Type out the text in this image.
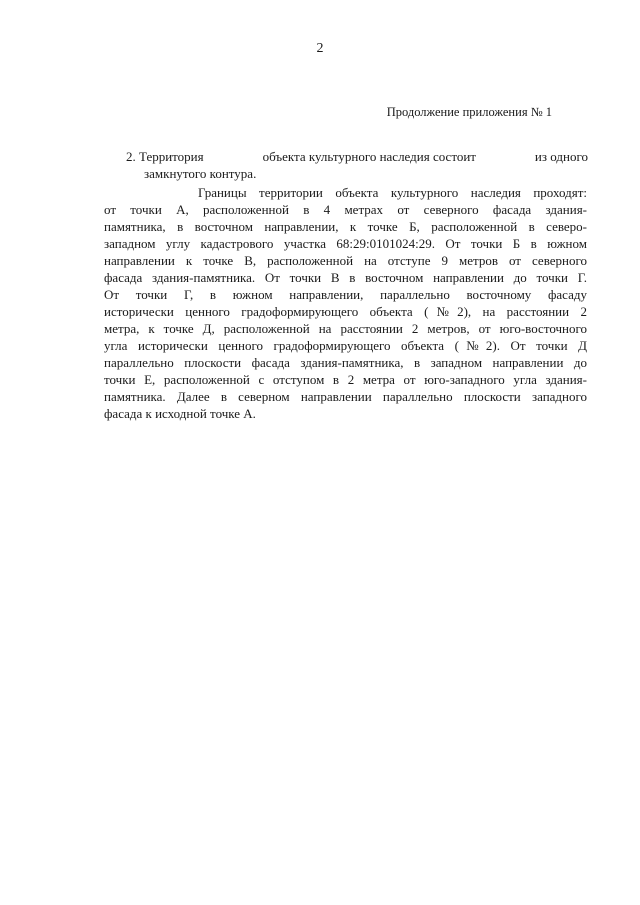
2
Продолжение приложения № 1
2. Территория	объекта культурного наследия состоит	из одного
замкнутого контура.
Границы территории объекта культурного наследия проходят:
от точки А, расположенной в 4 метрах от северного фасада здания-
памятника, в восточном направлении, к точке Б, расположенной в северо-
западном углу кадастрового участка 68:29:0101024:29. От точки Б в южном
направлении к точке В, расположенной на отступе 9 метров от северного
фасада здания-памятника. От точки В в восточном направлении до точки Г.
От точки Г, в южном направлении, параллельно восточному фасаду
исторически ценного градоформирующего объекта (№2), на расстоянии 2
метра, к точке Д, расположенной на расстоянии 2 метров, от юго-восточного
угла исторически ценного градоформирующего объекта (№2). От точки Д
параллельно плоскости фасада здания-памятника, в западном направлении до
точки Е, расположенной с отступом в 2 метра от юго-западного угла здания-
памятника. Далее в северном направлении параллельно плоскости западного
фасада к исходной точке А.
